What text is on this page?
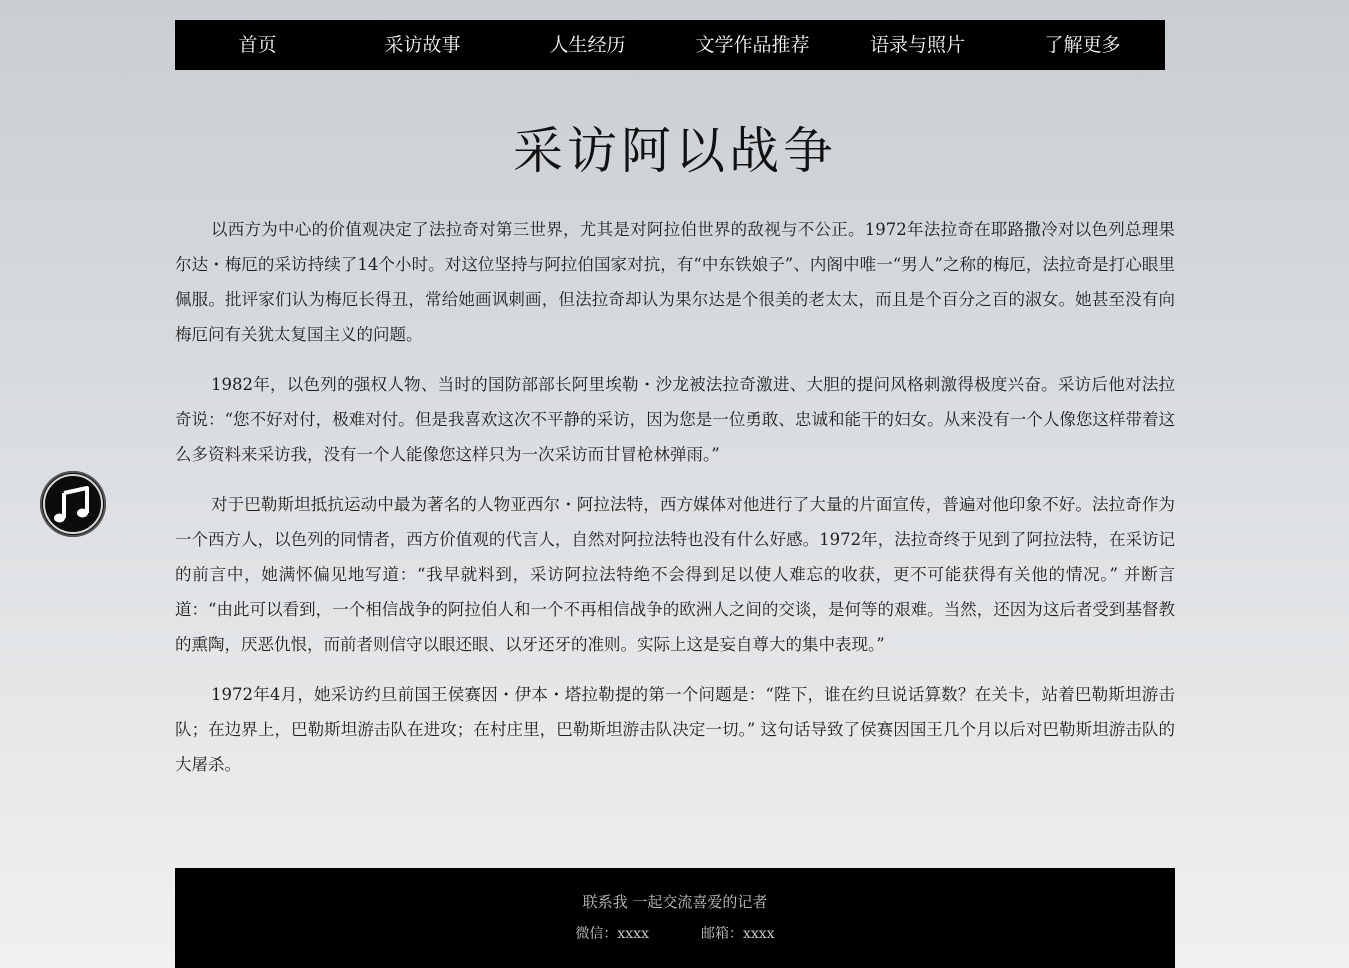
首页	采访故事	人生经历	文学作品推荐	语录与照片	了解更多
采访阿以战争

以西方为中心的价值观决定了法拉奇对第三世界，尤其是对阿拉伯世界的敌视与不公正。1972年法拉奇在耶路撒冷对以色列总理果尔达・梅厄的采访持续了14个小时。对这位坚持与阿拉伯国家对抗，有“中东铁娘子”、内阁中唯一“男人”之称的梅厄，法拉奇是打心眼里佩服。批评家们认为梅厄长得丑，常给她画讽刺画，但法拉奇却认为果尔达是个很美的老太太，而且是个百分之百的淑女。她甚至没有向梅厄问有关犹太复国主义的问题。

1982年，以色列的强权人物、当时的国防部部长阿里埃勒・沙龙被法拉奇激进、大胆的提问风格刺激得极度兴奋。采访后他对法拉奇说：“您不好对付，极难对付。但是我喜欢这次不平静的采访，因为您是一位勇敢、忠诚和能干的妇女。从来没有一个人像您这样带着这么多资料来采访我，没有一个人能像您这样只为一次采访而甘冒枪林弹雨。”

对于巴勒斯坦抵抗运动中最为著名的人物亚西尔・阿拉法特，西方媒体对他进行了大量的片面宣传，普遍对他印象不好。法拉奇作为一个西方人，以色列的同情者，西方价值观的代言人，自然对阿拉法特也没有什么好感。1972年，法拉奇终于见到了阿拉法特，在采访记的前言中，她满怀偏见地写道：“我早就料到，采访阿拉法特绝不会得到足以使人难忘的收获，更不可能获得有关他的情况。” 并断言道：“由此可以看到，一个相信战争的阿拉伯人和一个不再相信战争的欧洲人之间的交谈，是何等的艰难。当然，还因为这后者受到基督教的熏陶，厌恶仇恨，而前者则信守以眼还眼、以牙还牙的准则。实际上这是妄自尊大的集中表现。”

1972年4月，她采访约旦前国王侯赛因・伊本・塔拉勒提的第一个问题是：“陛下，谁在约旦说话算数？在关卡，站着巴勒斯坦游击队；在边界上，巴勒斯坦游击队在进攻；在村庄里，巴勒斯坦游击队决定一切。” 这句话导致了侯赛因国王几个月以后对巴勒斯坦游击队的大屠杀。

联系我 一起交流喜爱的记者
微信：xxxx	邮箱：xxxx
